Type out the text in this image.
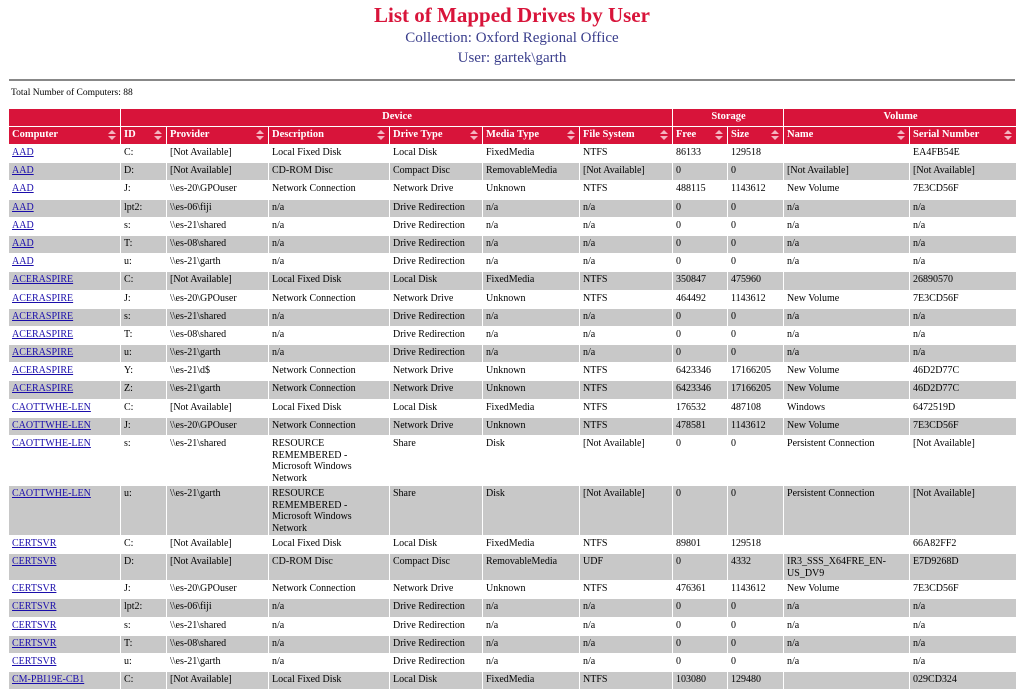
List of Mapped Drives by User
Collection: Oxford Regional Office
User: gartek\garth
Total Number of Computers: 88
	Device						Storage		Volume	
Computer	ID	Provider	Description	Drive Type	Media Type	File System	Free	Size	Name	Serial Number

AAD	C:	[Not Available]	Local Fixed Disk	Local Disk	FixedMedia	NTFS	86133	129518		EA4FB54E
AAD	D:	[Not Available]	CD-ROM Disc	Compact Disc	RemovableMedia	[Not Available]	0	0	[Not Available]	[Not Available]
AAD	J:	\\es-20\GPOuser	Network Connection	Network Drive	Unknown	NTFS	488115	1143612	New Volume	7E3CD56F
AAD	lpt2:	\\es-06\fiji	n/a	Drive Redirection	n/a	n/a	0	0	n/a	n/a
AAD	s:	\\es-21\shared	n/a	Drive Redirection	n/a	n/a	0	0	n/a	n/a
AAD	T:	\\es-08\shared	n/a	Drive Redirection	n/a	n/a	0	0	n/a	n/a
AAD	u:	\\es-21\garth	n/a	Drive Redirection	n/a	n/a	0	0	n/a	n/a
ACERASPIRE	C:	[Not Available]	Local Fixed Disk	Local Disk	FixedMedia	NTFS	350847	475960		26890570
ACERASPIRE	J:	\\es-20\GPOuser	Network Connection	Network Drive	Unknown	NTFS	464492	1143612	New Volume	7E3CD56F
ACERASPIRE	s:	\\es-21\shared	n/a	Drive Redirection	n/a	n/a	0	0	n/a	n/a
ACERASPIRE	T:	\\es-08\shared	n/a	Drive Redirection	n/a	n/a	0	0	n/a	n/a
ACERASPIRE	u:	\\es-21\garth	n/a	Drive Redirection	n/a	n/a	0	0	n/a	n/a
ACERASPIRE	Y:	\\es-21\d$	Network Connection	Network Drive	Unknown	NTFS	6423346	17166205	New Volume	46D2D77C
ACERASPIRE	Z:	\\es-21\garth	Network Connection	Network Drive	Unknown	NTFS	6423346	17166205	New Volume	46D2D77C
CAOTTWHE-LEN	C:	[Not Available]	Local Fixed Disk	Local Disk	FixedMedia	NTFS	176532	487108	Windows	6472519D
CAOTTWHE-LEN	J:	\\es-20\GPOuser	Network Connection	Network Drive	Unknown	NTFS	478581	1143612	New Volume	7E3CD56F
CAOTTWHE-LEN	s:	\\es-21\shared	RESOURCE REMEMBERED - Microsoft Windows Network	Share	Disk	[Not Available]	0	0	Persistent Connection	[Not Available]
CAOTTWHE-LEN	u:	\\es-21\garth	RESOURCE REMEMBERED - Microsoft Windows Network	Share	Disk	[Not Available]	0	0	Persistent Connection	[Not Available]
CERTSVR	C:	[Not Available]	Local Fixed Disk	Local Disk	FixedMedia	NTFS	89801	129518		66A82FF2
CERTSVR	D:	[Not Available]	CD-ROM Disc	Compact Disc	RemovableMedia	UDF	0	4332	IR3_SSS_X64FRE_EN-US_DV9	E7D9268D
CERTSVR	J:	\\es-20\GPOuser	Network Connection	Network Drive	Unknown	NTFS	476361	1143612	New Volume	7E3CD56F
CERTSVR	lpt2:	\\es-06\fiji	n/a	Drive Redirection	n/a	n/a	0	0	n/a	n/a
CERTSVR	s:	\\es-21\shared	n/a	Drive Redirection	n/a	n/a	0	0	n/a	n/a
CERTSVR	T:	\\es-08\shared	n/a	Drive Redirection	n/a	n/a	0	0	n/a	n/a
CERTSVR	u:	\\es-21\garth	n/a	Drive Redirection	n/a	n/a	0	0	n/a	n/a
CM-PBI19E-CB1	C:	[Not Available]	Local Fixed Disk	Local Disk	FixedMedia	NTFS	103080	129480		029CD324
